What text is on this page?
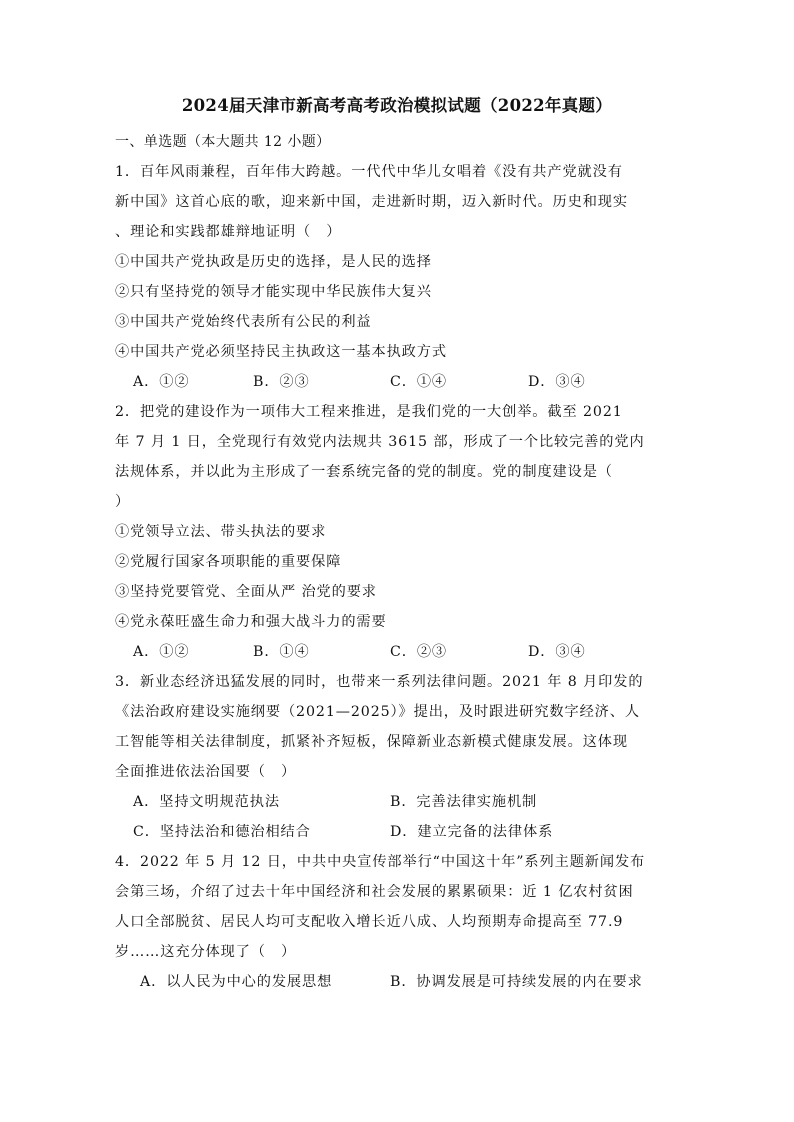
2024届天津市新高考高考政治模拟试题（2022年真题）
一、单选题（本大题共 12 小题）
1．百年风雨兼程，百年伟大跨越。一代代中华儿女唱着《没有共产党就没有
新中国》这首心底的歌，迎来新中国，走进新时期，迈入新时代。历史和现实
、理论和实践都雄辩地证明（　）
①中国共产党执政是历史的选择，是人民的选择
②只有坚持党的领导才能实现中华民族伟大复兴
③中国共产党始终代表所有公民的利益
④中国共产党必须坚持民主执政这一基本执政方式
A．①②	B．②③	C．①④	D．③④
2．把党的建设作为一项伟大工程来推进，是我们党的一大创举。截至 2021
年 7 月 1 日，全党现行有效党内法规共 3615 部，形成了一个比较完善的党内
法规体系，并以此为主形成了一套系统完备的党的制度。党的制度建设是（
）
①党领导立法、带头执法的要求
②党履行国家各项职能的重要保障
③坚持党要管党、全面从严 治党的要求
④党永葆旺盛生命力和强大战斗力的需要
A．①②	B．①④	C．②③	D．③④
3．新业态经济迅猛发展的同时，也带来一系列法律问题。2021 年 8 月印发的
《法治政府建设实施纲要（2021—2025）》提出，及时跟进研究数字经济、人
工智能等相关法律制度，抓紧补齐短板，保障新业态新模式健康发展。这体现
全面推进依法治国要（　）
A．坚持文明规范执法	B．完善法律实施机制
C．坚持法治和德治相结合	D．建立完备的法律体系
4．2022 年 5 月 12 日，中共中央宣传部举行“中国这十年”系列主题新闻发布
会第三场，介绍了过去十年中国经济和社会发展的累累硕果：近 1 亿农村贫困
人口全部脱贫、居民人均可支配收入增长近八成、人均预期寿命提高至 77.9
岁……这充分体现了（　）
A．以人民为中心的发展思想	B．协调发展是可持续发展的内在要求
